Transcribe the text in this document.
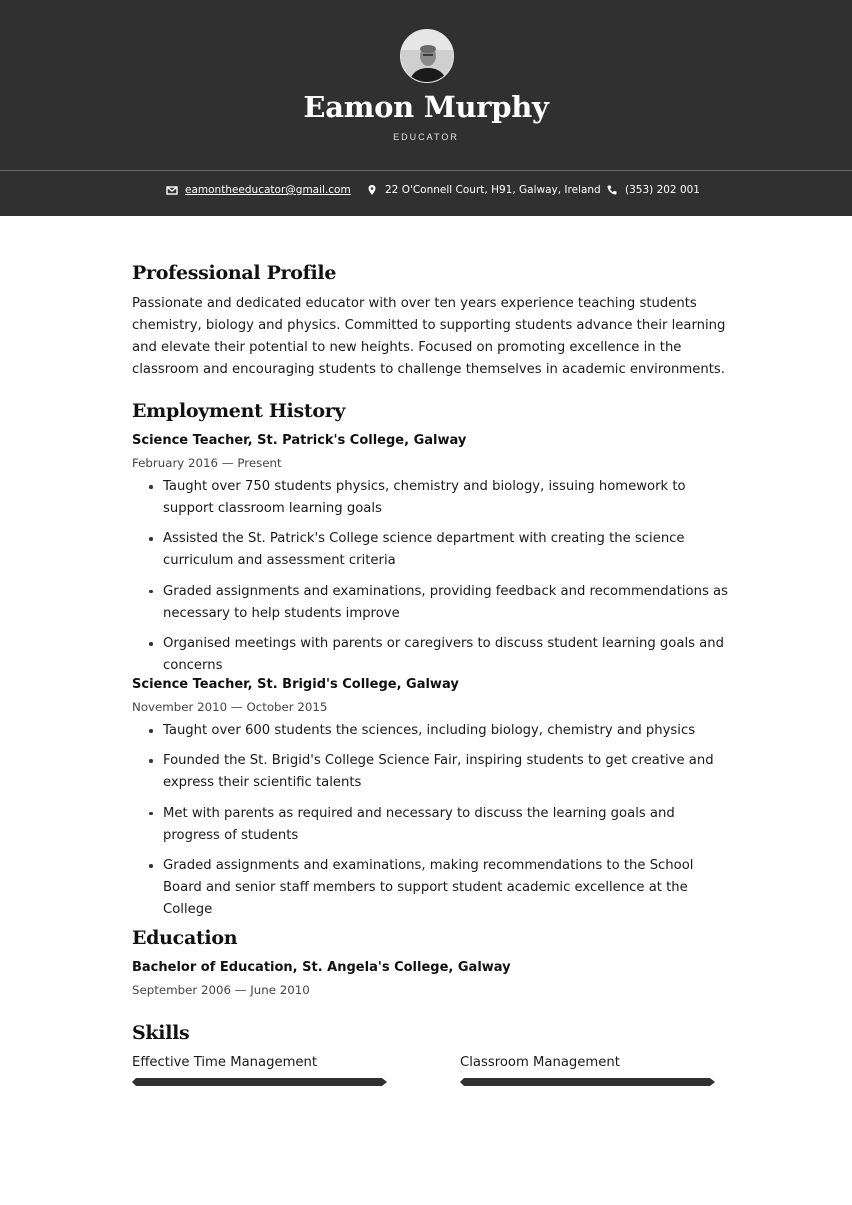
Eamon Murphy
EDUCATOR
eamontheeducator@gmail.com	22 O'Connell Court, H91, Galway, Ireland (353) 202 001
Professional Profile
Passionate and dedicated educator with over ten years experience teaching students chemistry, biology and physics. Committed to supporting students advance their learning and elevate their potential to new heights. Focused on promoting excellence in the classroom and encouraging students to challenge themselves in academic environments.
Employment History
Science Teacher, St. Patrick's College, Galway
February 2016 — Present
Taught over 750 students physics, chemistry and biology, issuing homework to support classroom learning goals
Assisted the St. Patrick's College science department with creating the science curriculum and assessment criteria
Graded assignments and examinations, providing feedback and recommendations as necessary to help students improve
Organised meetings with parents or caregivers to discuss student learning goals and concerns
Science Teacher, St. Brigid's College, Galway
November 2010 — October 2015
Taught over 600 students the sciences, including biology, chemistry and physics
Founded the St. Brigid's College Science Fair, inspiring students to get creative and express their scientific talents
Met with parents as required and necessary to discuss the learning goals and progress of students
Graded assignments and examinations, making recommendations to the School Board and senior staff members to support student academic excellence at the College
Education
Bachelor of Education, St. Angela's College, Galway
September 2006 — June 2010
Skills
Effective Time Management	Classroom Management
